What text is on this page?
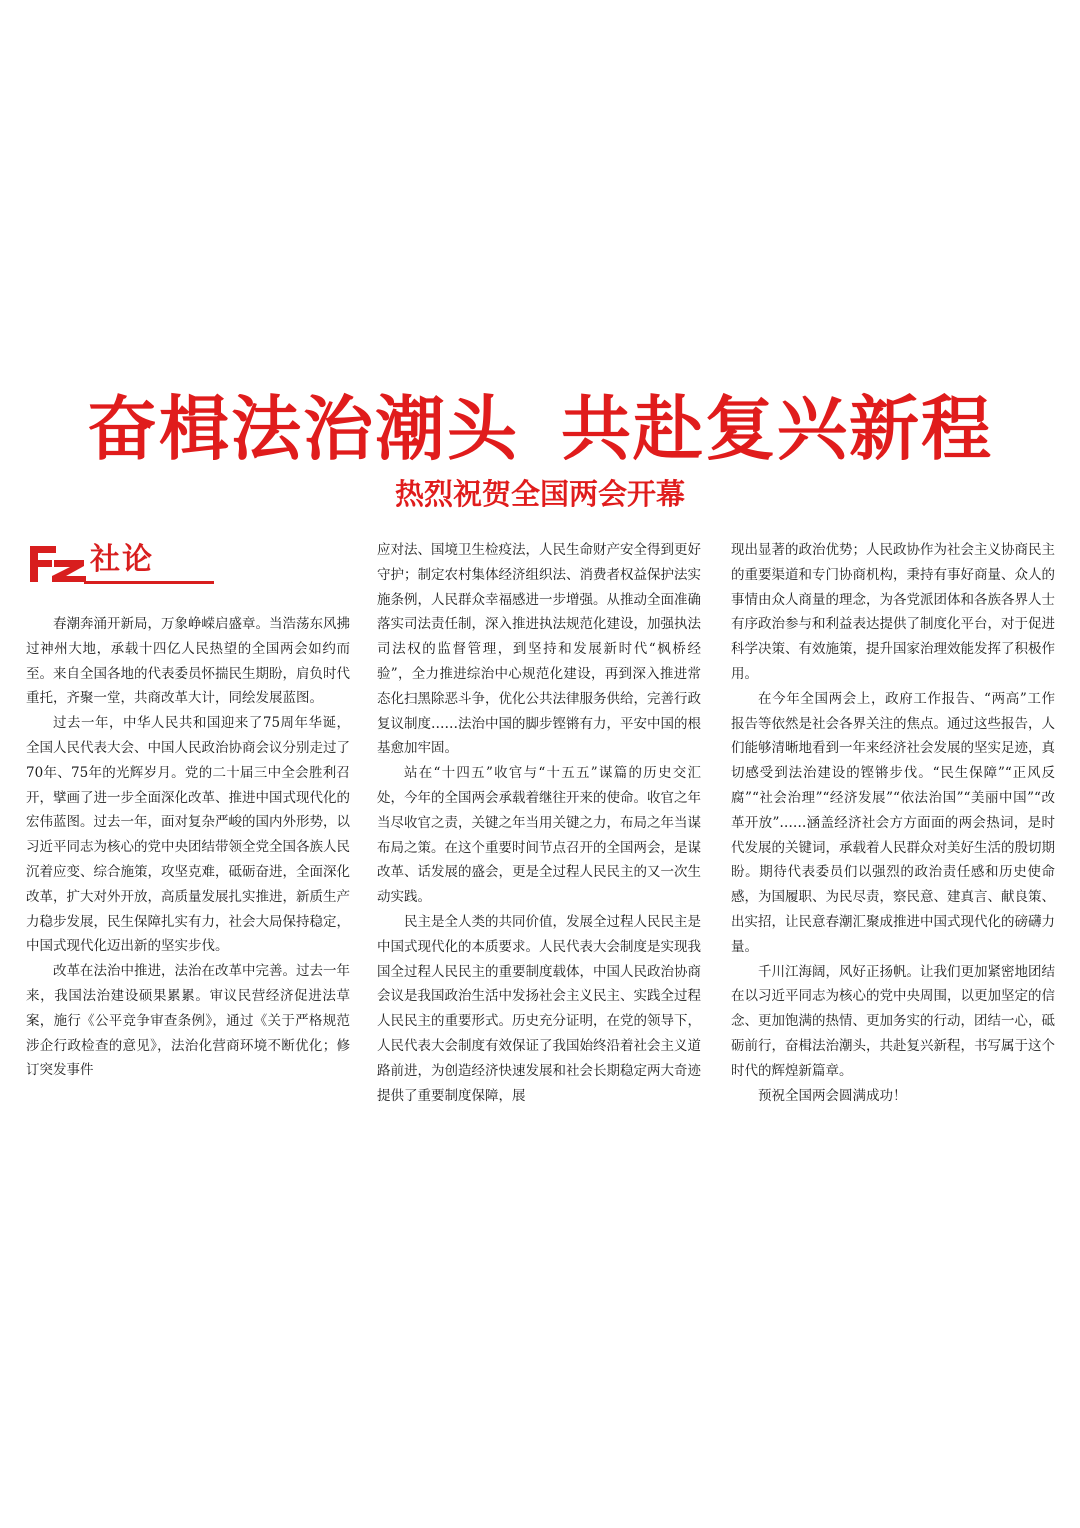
奋楫法治潮头 共赴复兴新程
热烈祝贺全国两会开幕
社论

春潮奔涌开新局，万象峥嵘启盛章。当浩荡东风拂过神州大地，承载十四亿人民热望的全国两会如约而至。来自全国各地的代表委员怀揣民生期盼，肩负时代重托，齐聚一堂，共商改革大计，同绘发展蓝图。

过去一年，中华人民共和国迎来了75周年华诞，全国人民代表大会、中国人民政治协商会议分别走过了70年、75年的光辉岁月。党的二十届三中全会胜利召开，擘画了进一步全面深化改革、推进中国式现代化的宏伟蓝图。过去一年，面对复杂严峻的国内外形势，以习近平同志为核心的党中央团结带领全党全国各族人民沉着应变、综合施策，攻坚克难，砥砺奋进，全面深化改革，扩大对外开放，高质量发展扎实推进，新质生产力稳步发展，民生保障扎实有力，社会大局保持稳定，中国式现代化迈出新的坚实步伐。

改革在法治中推进，法治在改革中完善。过去一年来，我国法治建设硕果累累。审议民营经济促进法草案，施行《公平竞争审查条例》，通过《关于严格规范涉企行政检查的意见》，法治化营商环境不断优化；修订突发事件

应对法、国境卫生检疫法，人民生命财产安全得到更好守护；制定农村集体经济组织法、消费者权益保护法实施条例，人民群众幸福感进一步增强。从推动全面准确落实司法责任制，深入推进执法规范化建设，加强执法司法权的监督管理，到坚持和发展新时代“枫桥经验”，全力推进综治中心规范化建设，再到深入推进常态化扫黑除恶斗争，优化公共法律服务供给，完善行政复议制度……法治中国的脚步铿锵有力，平安中国的根基愈加牢固。

站在“十四五”收官与“十五五”谋篇的历史交汇处，今年的全国两会承载着继往开来的使命。收官之年当尽收官之责，关键之年当用关键之力，布局之年当谋布局之策。在这个重要时间节点召开的全国两会，是谋改革、话发展的盛会，更是全过程人民民主的又一次生动实践。

民主是全人类的共同价值，发展全过程人民民主是中国式现代化的本质要求。人民代表大会制度是实现我国全过程人民民主的重要制度载体，中国人民政治协商会议是我国政治生活中发扬社会主义民主、实践全过程人民民主的重要形式。历史充分证明，在党的领导下，人民代表大会制度有效保证了我国始终沿着社会主义道路前进，为创造经济快速发展和社会长期稳定两大奇迹提供了重要制度保障，展

现出显著的政治优势；人民政协作为社会主义协商民主的重要渠道和专门协商机构，秉持有事好商量、众人的事情由众人商量的理念，为各党派团体和各族各界人士有序政治参与和利益表达提供了制度化平台，对于促进科学决策、有效施策，提升国家治理效能发挥了积极作用。

在今年全国两会上，政府工作报告、“两高”工作报告等依然是社会各界关注的焦点。通过这些报告，人们能够清晰地看到一年来经济社会发展的坚实足迹，真切感受到法治建设的铿锵步伐。“民生保障”“正风反腐”“社会治理”“经济发展”“依法治国”“美丽中国”“改革开放”……涵盖经济社会方方面面的两会热词，是时代发展的关键词，承载着人民群众对美好生活的殷切期盼。期待代表委员们以强烈的政治责任感和历史使命感，为国履职、为民尽责，察民意、建真言、献良策、出实招，让民意春潮汇聚成推进中国式现代化的磅礴力量。

千川江海阔，风好正扬帆。让我们更加紧密地团结在以习近平同志为核心的党中央周围，以更加坚定的信念、更加饱满的热情、更加务实的行动，团结一心，砥砺前行，奋楫法治潮头，共赴复兴新程，书写属于这个时代的辉煌新篇章。

预祝全国两会圆满成功！
